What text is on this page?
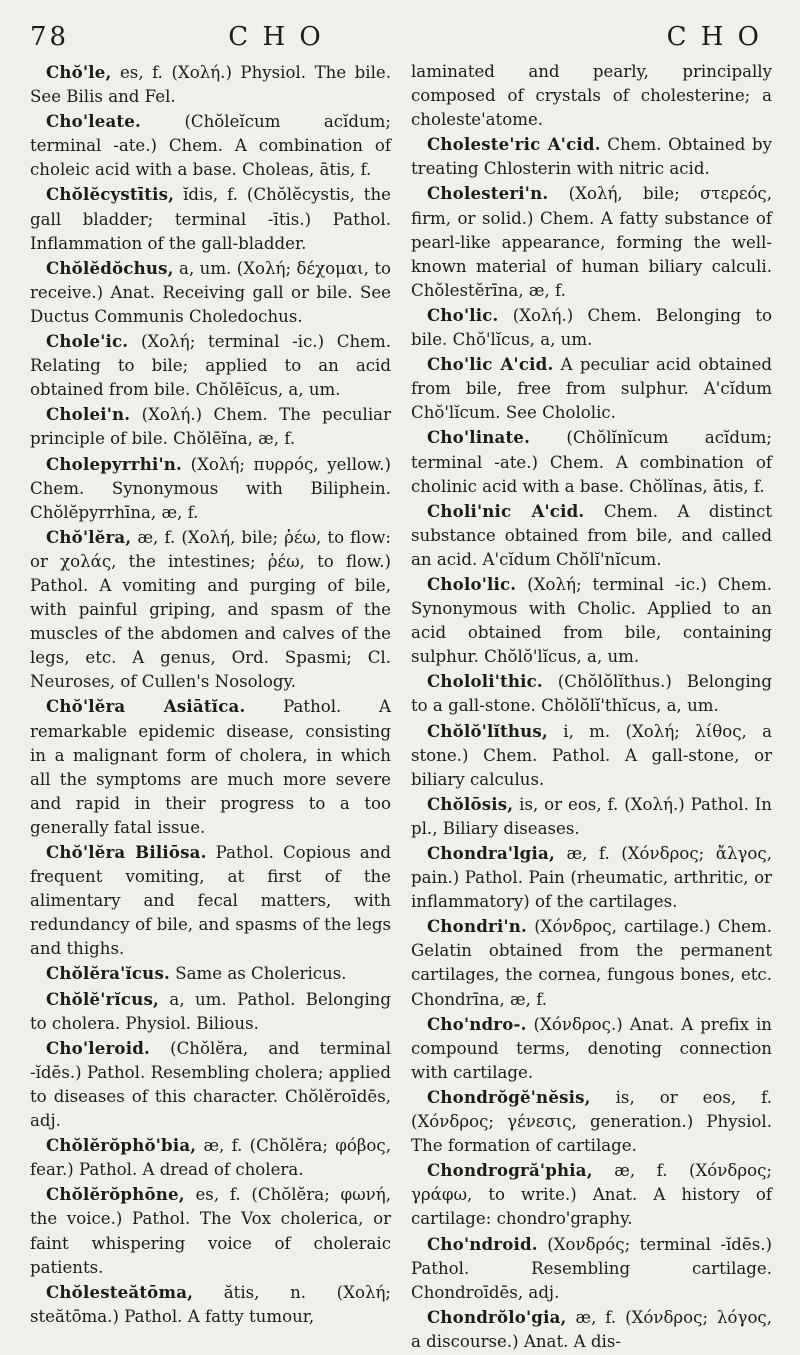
78	C H O	C H O

Chŏ'le, es, f. (Χολή.) Physiol. The bile. See Bilis and Fel.

Cho'leate. (Chŏleĭcum acĭdum; terminal -ate.) Chem. A combination of choleic acid with a base. Choleas, ātis, f.

Chŏlĕcystītis, ĭdis, f. (Chŏlĕcystis, the gall bladder; terminal -ītis.) Pathol. Inflammation of the gall-bladder.

Chŏlĕdŏchus, a, um. (Χολή; δέχομαι, to receive.) Anat. Receiving gall or bile. See Ductus Communis Choledochus.

Chole'ic. (Χολή; terminal -ic.) Chem. Relating to bile; applied to an acid obtained from bile. Chŏlēĭcus, a, um.

Cholei'n. (Χολή.) Chem. The peculiar principle of bile. Chŏlēĭna, æ, f.

Cholepyrrhi'n. (Χολή; πυρρός, yellow.) Chem. Synonymous with Biliphein. Chŏlĕpyrrhīna, æ, f.

Chŏ'lĕra, æ, f. (Χολή, bile; ῥέω, to flow: or χολάς, the intestines; ῥέω, to flow.) Pathol. A vomiting and purging of bile, with painful griping, and spasm of the muscles of the abdomen and calves of the legs, etc. A genus, Ord. Spasmi; Cl. Neuroses, of Cullen's Nosology.

Chŏ'lĕra Asiātĭca. Pathol. A remarkable epidemic disease, consisting in a malignant form of cholera, in which all the symptoms are much more severe and rapid in their progress to a too generally fatal issue.

Chŏ'lĕra Biliōsa. Pathol. Copious and frequent vomiting, at first of the alimentary and fecal matters, with redundancy of bile, and spasms of the legs and thighs.

Chŏlĕra'ĭcus. Same as Cholericus.

Chŏlĕ'rĭcus, a, um. Pathol. Belonging to cholera. Physiol. Bilious.

Cho'leroid. (Chŏlĕra, and terminal -ĭdēs.) Pathol. Resembling cholera; applied to diseases of this character. Chŏlĕroīdēs, adj.

Chŏlĕrŏphŏ'bia, æ, f. (Chŏlĕra; φόβος, fear.) Pathol. A dread of cholera.

Chŏlĕrŏphōne, es, f. (Chŏlĕra; φωνή, the voice.) Pathol. The Vox cholerica, or faint whispering voice of choleraic patients.

Chŏlesteătōma, ătis, n. (Χολή; steătōma.) Pathol. A fatty tumour,

laminated and pearly, principally composed of crystals of cholesterine; a choleste'atome.

Choleste'ric A'cid. Chem. Obtained by treating Chlosterin with nitric acid.

Cholesteri'n. (Χολή, bile; στερεός, firm, or solid.) Chem. A fatty substance of pearl-like appearance, forming the well-known material of human biliary calculi. Chŏlestĕrīna, æ, f.

Cho'lic. (Χολή.) Chem. Belonging to bile. Chŏ'lĭcus, a, um.

Cho'lic A'cid. A peculiar acid obtained from bile, free from sulphur. A'cĭdum Chŏ'lĭcum. See Chololic.

Cho'linate. (Chŏlĭnĭcum acĭdum; terminal -ate.) Chem. A combination of cholinic acid with a base. Chŏlĭnas, ātis, f.

Choli'nic A'cid. Chem. A distinct substance obtained from bile, and called an acid. A'cĭdum Chŏlĭ'nĭcum.

Cholo'lic. (Χολή; terminal -ic.) Chem. Synonymous with Cholic. Applied to an acid obtained from bile, containing sulphur. Chŏlŏ'lĭcus, a, um.

Chololi'thic. (Chŏlŏlĭthus.) Belonging to a gall-stone. Chŏlŏlĭ'thĭcus, a, um.

Chŏlŏ'lĭthus, i, m. (Χολή; λίθος, a stone.) Chem. Pathol. A gall-stone, or biliary calculus.

Chŏlōsis, is, or eos, f. (Χολή.) Pathol. In pl., Biliary diseases.

Chondra'lgia, æ, f. (Χόνδρος; ἄλγος, pain.) Pathol. Pain (rheumatic, arthritic, or inflammatory) of the cartilages.

Chondri'n. (Χόνδρος, cartilage.) Chem. Gelatin obtained from the permanent cartilages, the cornea, fungous bones, etc. Chondrīna, æ, f.

Cho'ndro-. (Χόνδρος.) Anat. A prefix in compound terms, denoting connection with cartilage.

Chondrŏgĕ'nĕsis, is, or eos, f. (Χόνδρος; γένεσις, generation.) Physiol. The formation of cartilage.

Chondrogră'phia, æ, f. (Χόνδρος; γράφω, to write.) Anat. A history of cartilage: chondro'graphy.

Cho'ndroid. (Χονδρός; terminal -ĭdēs.) Pathol. Resembling cartilage. Chondroīdēs, adj.

Chondrŏlo'gia, æ, f. (Χόνδρος; λόγος, a discourse.) Anat. A dis-
